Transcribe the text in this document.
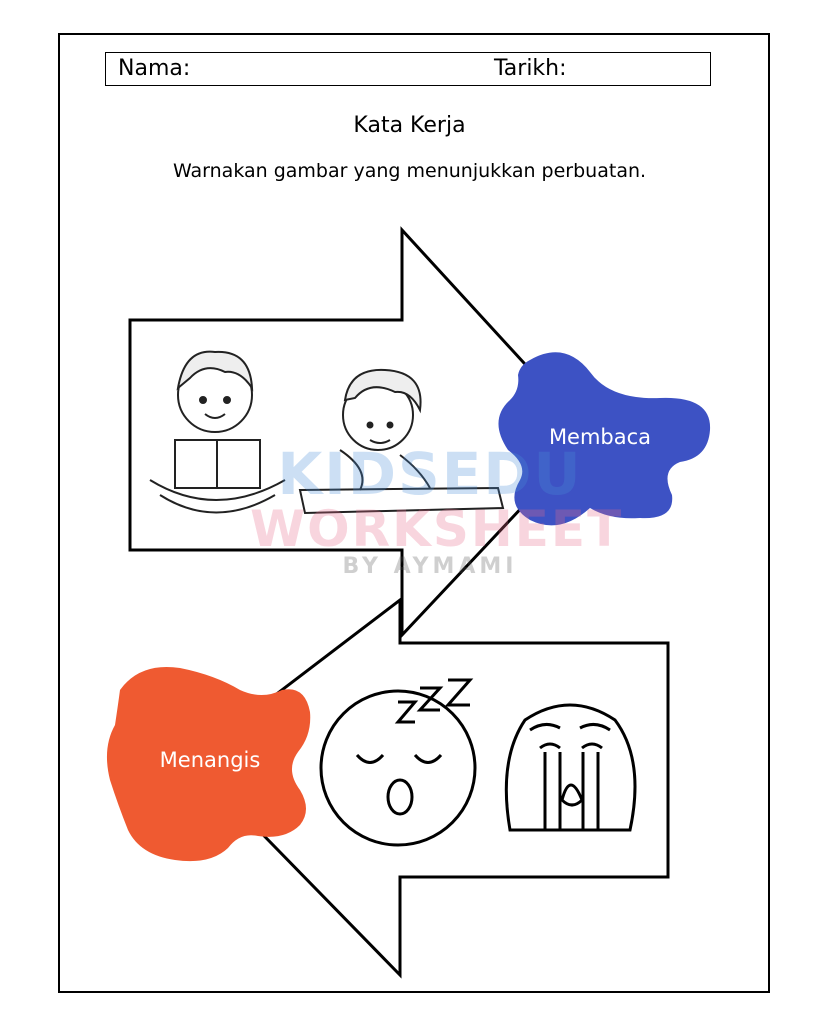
Nama:	Tarikh:
Kata Kerja
Warnakan gambar yang menunjukkan perbuatan.
KIDSEDU
WORKSHEET
BY AYMAMI
Membaca
Menangis
